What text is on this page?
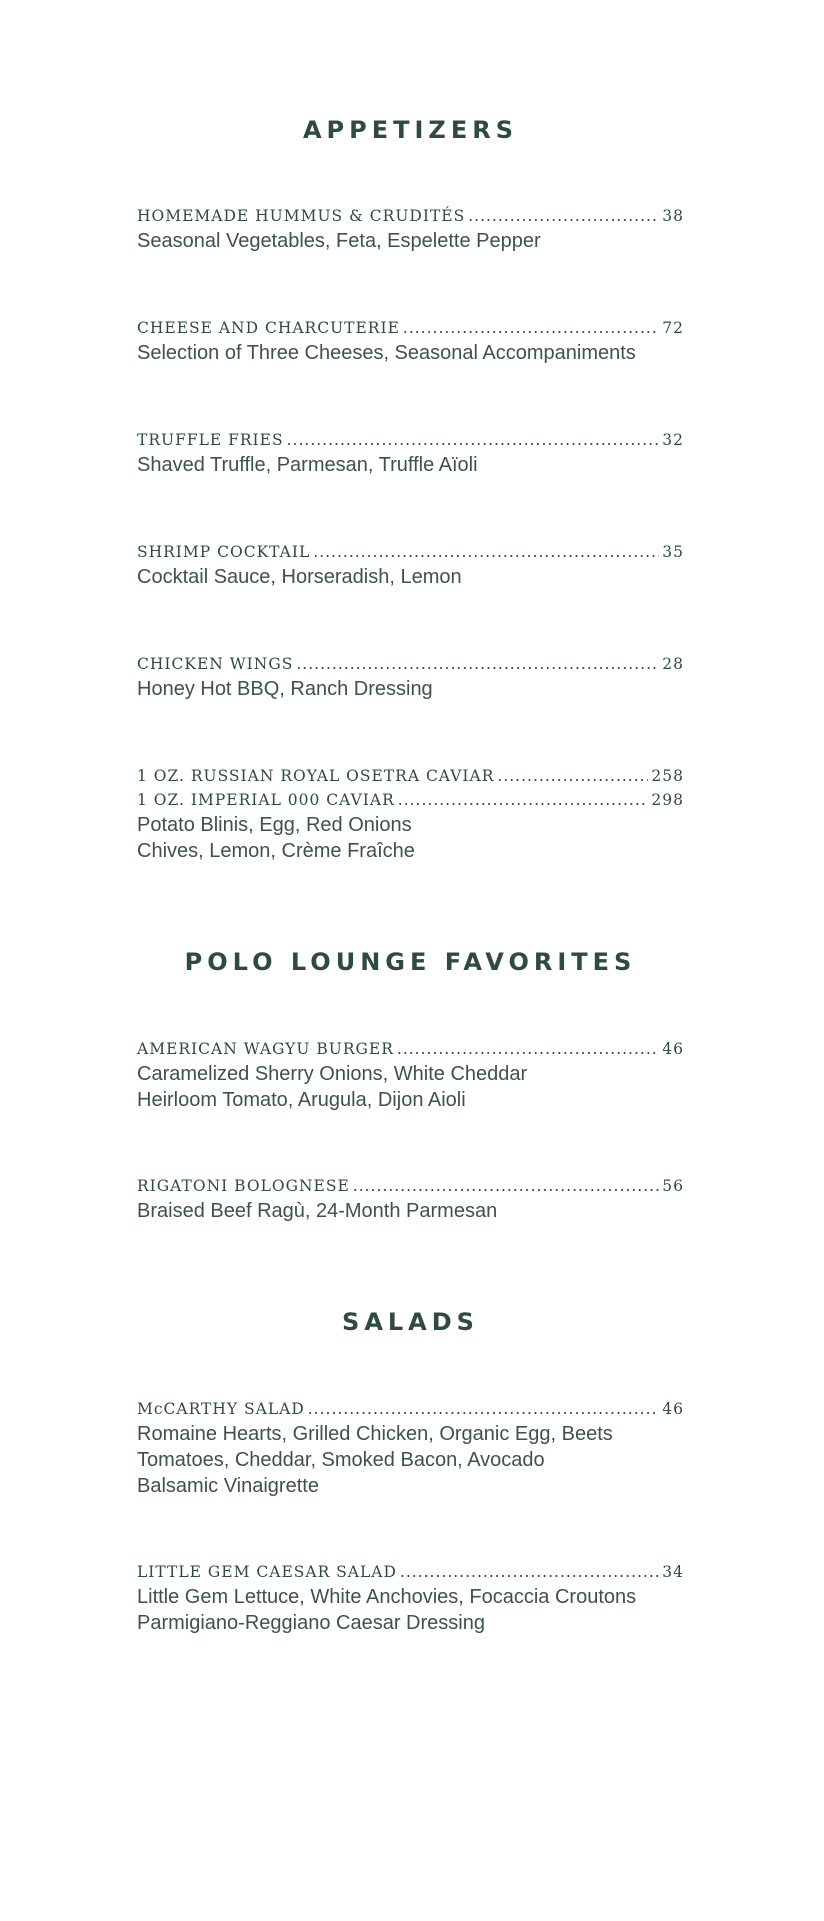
APPETIZERS
HOMEMADE HUMMUS & CRUDITÉS .....	38
Seasonal Vegetables, Feta, Espelette Pepper
CHEESE AND CHARCUTERIE .....	72
Selection of Three Cheeses, Seasonal Accompaniments
TRUFFLE FRIES .....	32
Shaved Truffle, Parmesan, Truffle Aïoli
SHRIMP COCKTAIL .....	35
Cocktail Sauce, Horseradish, Lemon
CHICKEN WINGS .....	28
Honey Hot BBQ, Ranch Dressing
1 OZ. RUSSIAN ROYAL OSETRA CAVIAR .....	258
1 OZ. IMPERIAL 000 CAVIAR .....	298
Potato Blinis, Egg, Red Onions
Chives, Lemon, Crème Fraîche
POLO LOUNGE FAVORITES
AMERICAN WAGYU BURGER .....	46
Caramelized Sherry Onions, White Cheddar
Heirloom Tomato, Arugula, Dijon Aioli
RIGATONI BOLOGNESE .....	56
Braised Beef Ragù, 24-Month Parmesan
SALADS
McCARTHY SALAD .....	46
Romaine Hearts, Grilled Chicken, Organic Egg, Beets
Tomatoes, Cheddar, Smoked Bacon, Avocado
Balsamic Vinaigrette
LITTLE GEM CAESAR SALAD .....	34
Little Gem Lettuce, White Anchovies, Focaccia Croutons
Parmigiano-Reggiano Caesar Dressing
